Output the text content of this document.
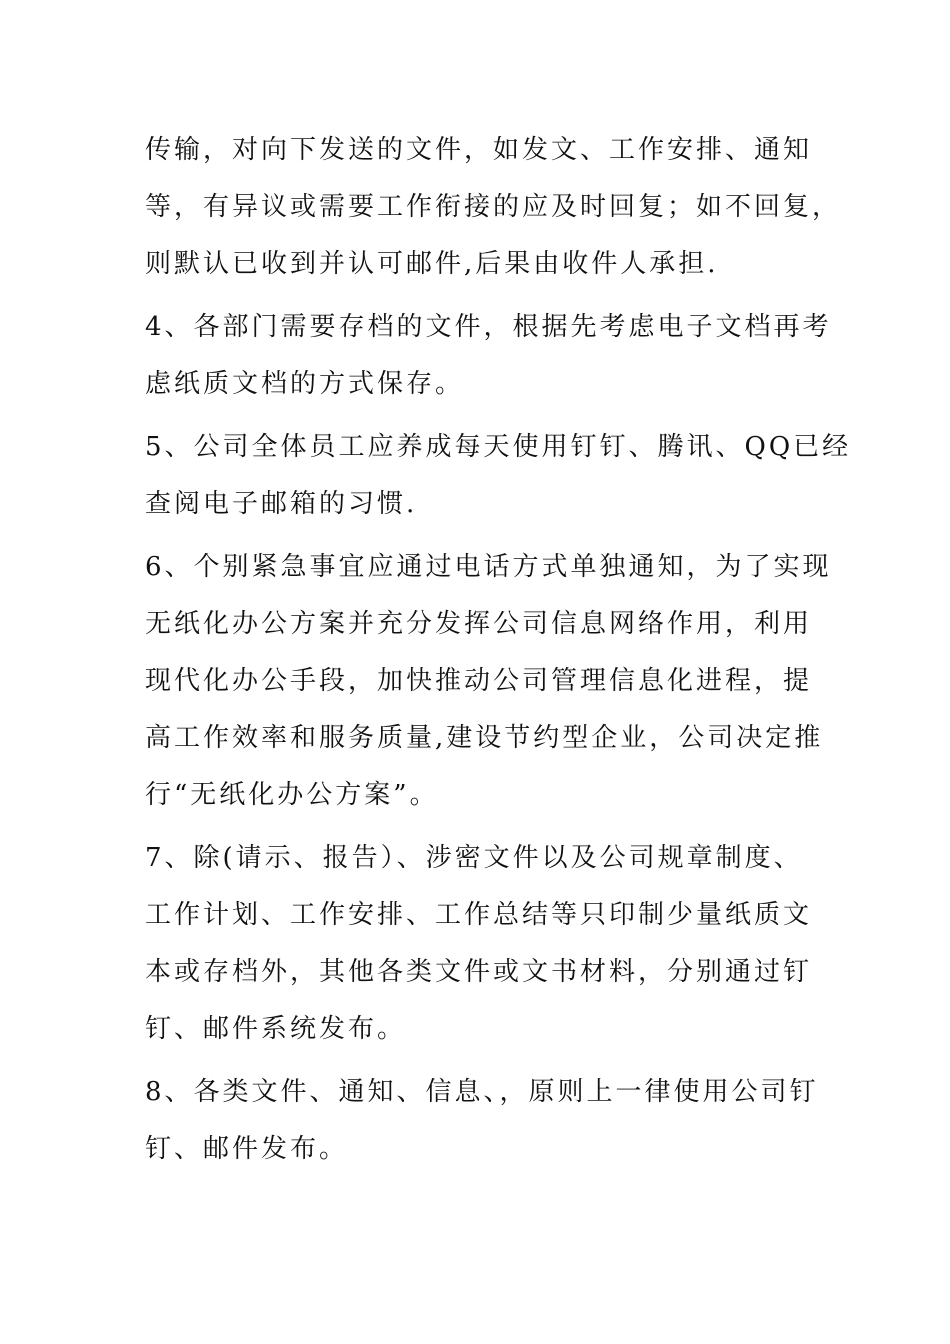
传输，对向下发送的文件，如发文、工作安排、通知
等，有异议或需要工作衔接的应及时回复；如不回复，
则默认已收到并认可邮件,后果由收件人承担.

4、各部门需要存档的文件，根据先考虑电子文档再考
虑纸质文档的方式保存。

5、公司全体员工应养成每天使用钉钉、腾讯、QQ已经
查阅电子邮箱的习惯.

6、个别紧急事宜应通过电话方式单独通知，为了实现
无纸化办公方案并充分发挥公司信息网络作用，利用
现代化办公手段，加快推动公司管理信息化进程，提
高工作效率和服务质量,建设节约型企业，公司决定推
行“无纸化办公方案”。

7、除(请示、报告）、涉密文件以及公司规章制度、
工作计划、工作安排、工作总结等只印制少量纸质文
本或存档外，其他各类文件或文书材料，分别通过钉
钉、邮件系统发布。

8、各类文件、通知、信息、，原则上一律使用公司钉
钉、邮件发布。
